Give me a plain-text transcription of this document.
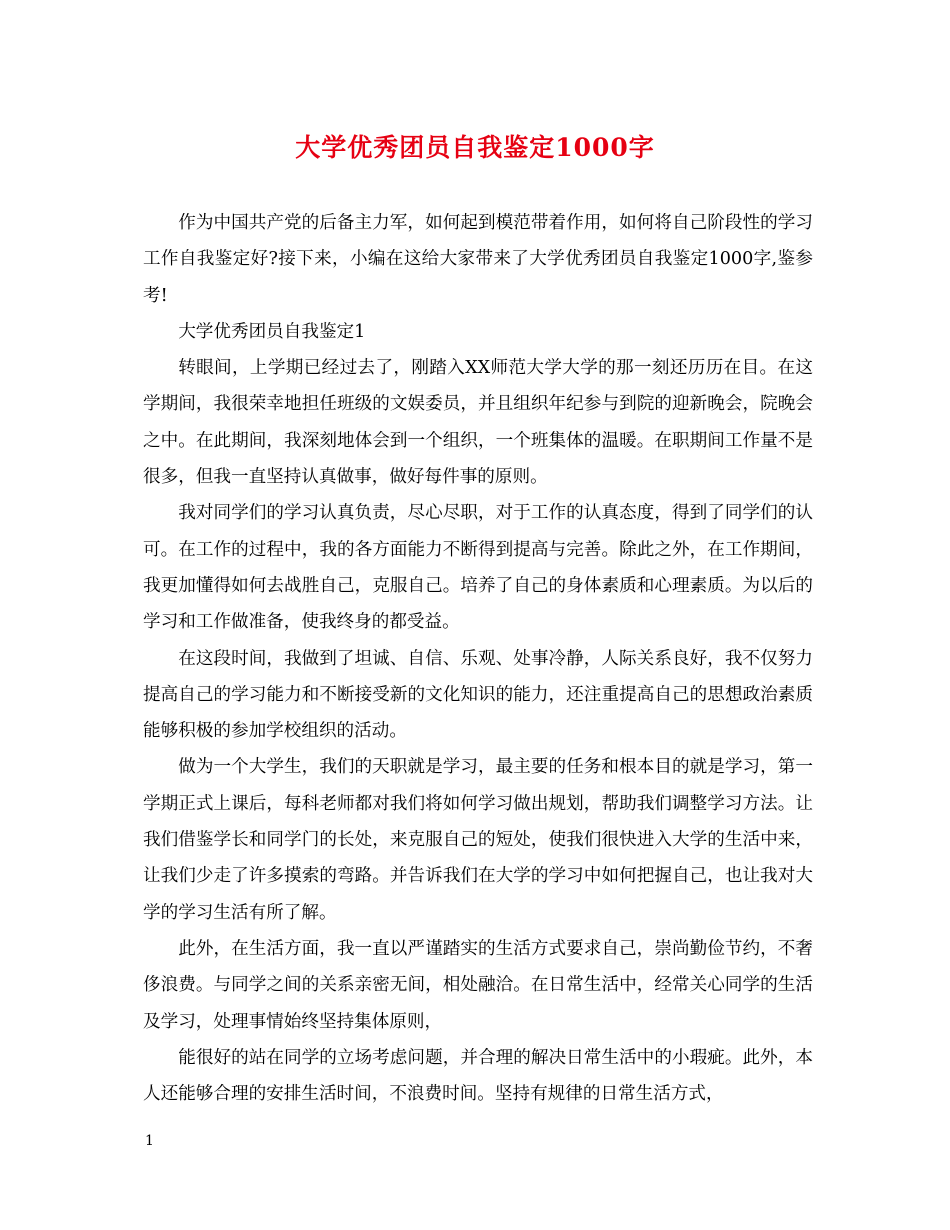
大学优秀团员自我鉴定1000字

作为中国共产党的后备主力军，如何起到模范带着作用，如何将自己阶段性的学习工作自我鉴定好?接下来，小编在这给大家带来了大学优秀团员自我鉴定1000字,鉴参考!

大学优秀团员自我鉴定1

转眼间，上学期已经过去了，刚踏入XX师范大学大学的那一刻还历历在目。在这学期间，我很荣幸地担任班级的文娱委员，并且组织年纪参与到院的迎新晚会，院晚会之中。在此期间，我深刻地体会到一个组织，一个班集体的温暖。在职期间工作量不是很多，但我一直坚持认真做事，做好每件事的原则。

我对同学们的学习认真负责，尽心尽职，对于工作的认真态度，得到了同学们的认可。在工作的过程中，我的各方面能力不断得到提高与完善。除此之外，在工作期间，我更加懂得如何去战胜自己，克服自己。培养了自己的身体素质和心理素质。为以后的学习和工作做准备，使我终身的都受益。

在这段时间，我做到了坦诚、自信、乐观、处事冷静，人际关系良好，我不仅努力提高自己的学习能力和不断接受新的文化知识的能力，还注重提高自己的思想政治素质能够积极的参加学校组织的活动。

做为一个大学生，我们的天职就是学习，最主要的任务和根本目的就是学习，第一学期正式上课后，每科老师都对我们将如何学习做出规划，帮助我们调整学习方法。让我们借鉴学长和同学门的长处，来克服自己的短处，使我们很快进入大学的生活中来，让我们少走了许多摸索的弯路。并告诉我们在大学的学习中如何把握自己，也让我对大学的学习生活有所了解。

此外，在生活方面，我一直以严谨踏实的生活方式要求自己，崇尚勤俭节约，不奢侈浪费。与同学之间的关系亲密无间，相处融洽。在日常生活中，经常关心同学的生活及学习，处理事情始终坚持集体原则，

能很好的站在同学的立场考虑问题，并合理的解决日常生活中的小瑕疵。此外，本人还能够合理的安排生活时间，不浪费时间。坚持有规律的日常生活方式，

1
